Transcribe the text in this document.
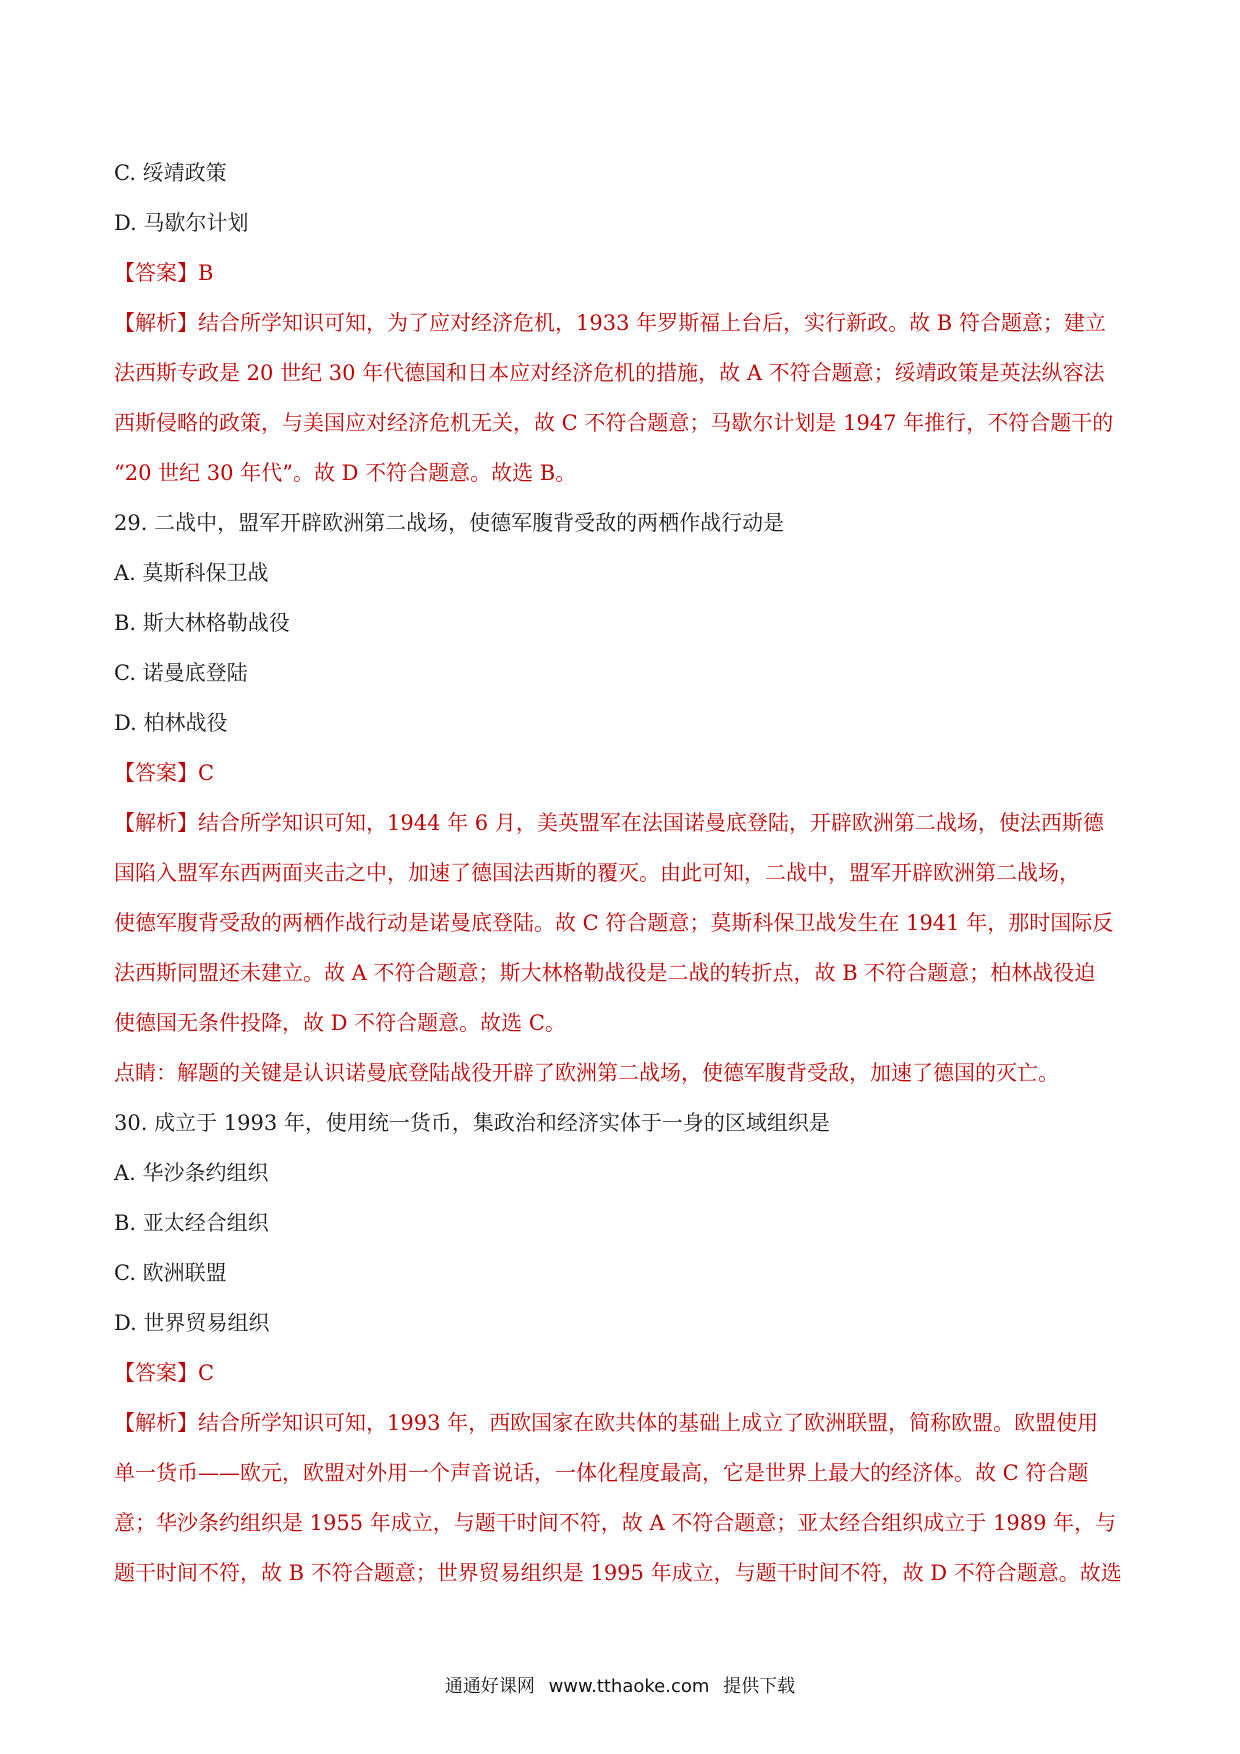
C. 绥靖政策
D. 马歇尔计划
【答案】B
【解析】结合所学知识可知，为了应对经济危机，1933 年罗斯福上台后，实行新政。故 B 符合题意；建立
法西斯专政是 20 世纪 30 年代德国和日本应对经济危机的措施，故 A 不符合题意；绥靖政策是英法纵容法
西斯侵略的政策，与美国应对经济危机无关，故 C 不符合题意；马歇尔计划是 1947 年推行，不符合题干的
“20 世纪 30 年代”。故 D 不符合题意。故选 B。
29. 二战中，盟军开辟欧洲第二战场，使德军腹背受敌的两栖作战行动是
A. 莫斯科保卫战
B. 斯大林格勒战役
C. 诺曼底登陆
D. 柏林战役
【答案】C
【解析】结合所学知识可知，1944 年 6 月，美英盟军在法国诺曼底登陆，开辟欧洲第二战场，使法西斯德
国陷入盟军东西两面夹击之中，加速了德国法西斯的覆灭。由此可知，二战中，盟军开辟欧洲第二战场，
使德军腹背受敌的两栖作战行动是诺曼底登陆。故 C 符合题意；莫斯科保卫战发生在 1941 年，那时国际反
法西斯同盟还未建立。故 A 不符合题意；斯大林格勒战役是二战的转折点，故 B 不符合题意；柏林战役迫
使德国无条件投降，故 D 不符合题意。故选 C。
点睛：解题的关键是认识诺曼底登陆战役开辟了欧洲第二战场，使德军腹背受敌，加速了德国的灭亡。
30. 成立于 1993 年，使用统一货币，集政治和经济实体于一身的区域组织是
A. 华沙条约组织
B. 亚太经合组织
C. 欧洲联盟
D. 世界贸易组织
【答案】C
【解析】结合所学知识可知，1993 年，西欧国家在欧共体的基础上成立了欧洲联盟，简称欧盟。欧盟使用
单一货币——欧元，欧盟对外用一个声音说话，一体化程度最高，它是世界上最大的经济体。故 C 符合题
意；华沙条约组织是 1955 年成立，与题干时间不符，故 A 不符合题意；亚太经合组织成立于 1989 年，与
题干时间不符，故 B 不符合题意；世界贸易组织是 1995 年成立，与题干时间不符，故 D 不符合题意。故选
通通好课网 www.tthaoke.com 提供下载
